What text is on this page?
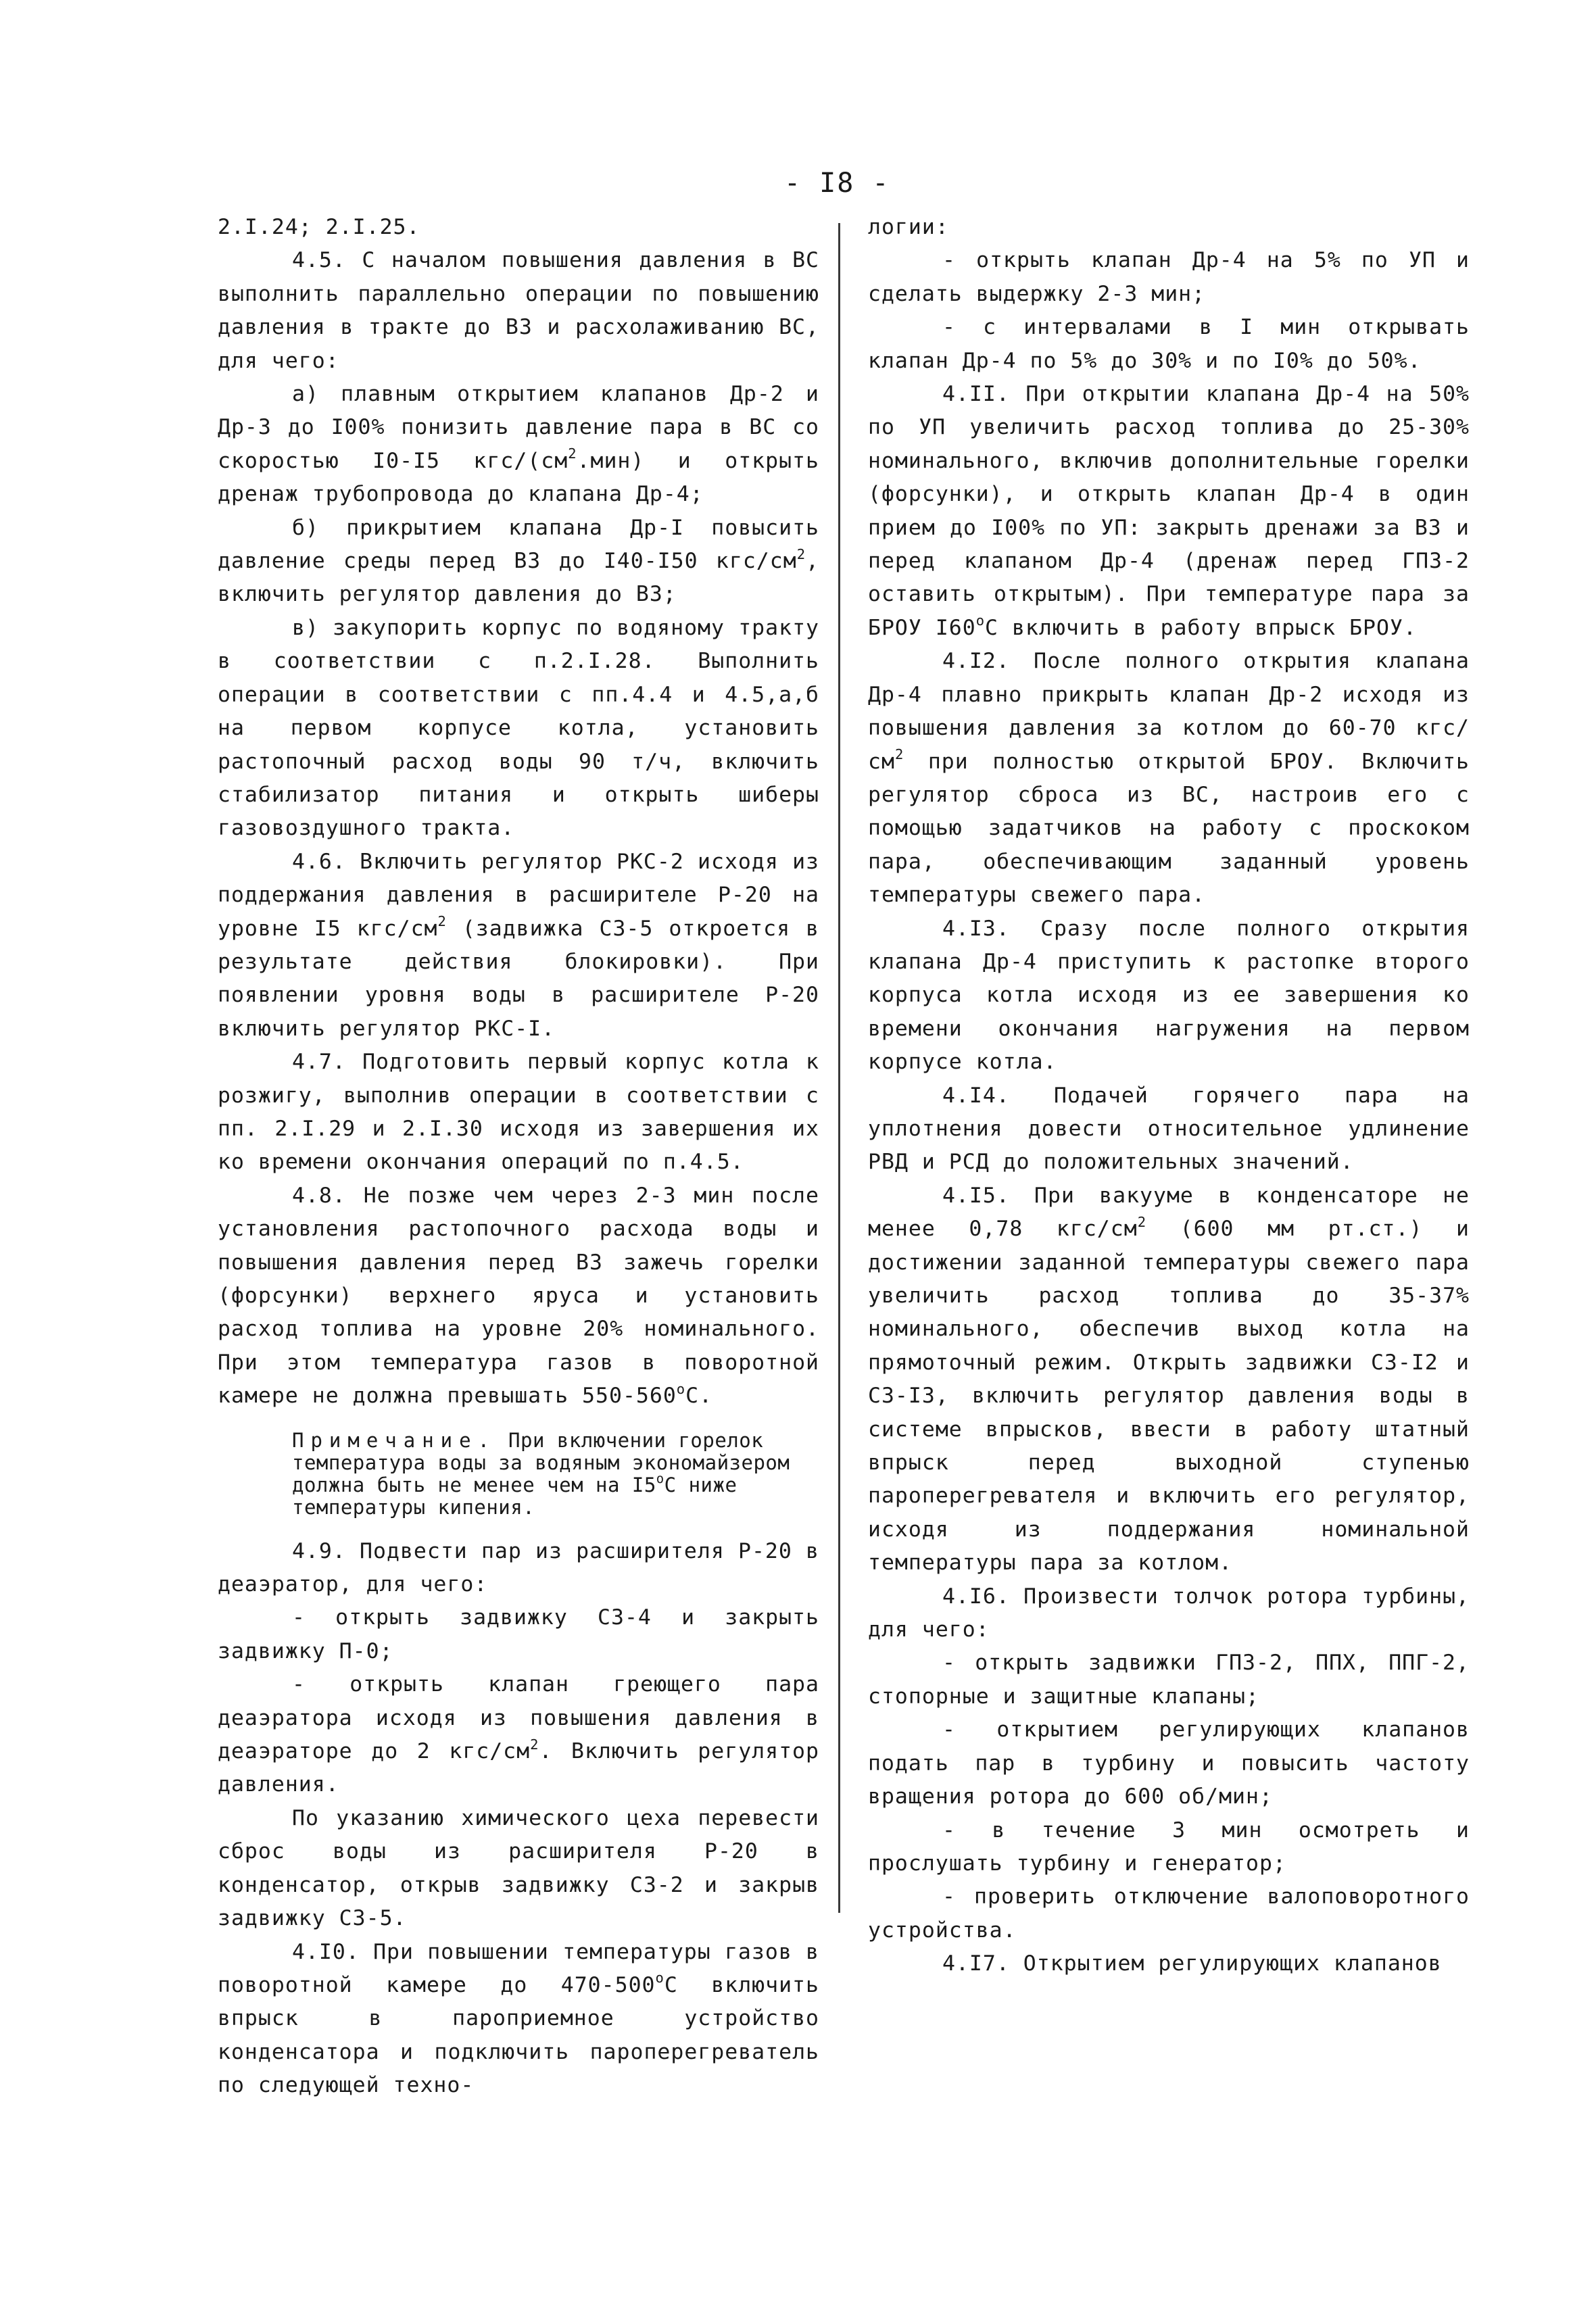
- I8 -

2.I.24; 2.I.25.

4.5. С началом повышения давления в ВС выполнить параллельно операции по повышению давления в тракте до ВЗ и расхолаживанию ВС, для чего:

а) плавным открытием клапанов Др-2 и Др-3 до I00% понизить давление пара в ВС со скоростью I0-I5 кгс/$(см^2.мин)$ и открыть дренаж трубопровода до клапана Др-4;

б) прикрытием клапана Др-I повысить давление среды перед ВЗ до I40-I50 кгс/$см^2$, включить регулятор давления до ВЗ;

в) закупорить корпус по водяному тракту в соответствии с п.2.I.28. Выполнить операции в соответствии с пп.4.4 и 4.5,а,б на первом корпусе котла, установить растопочный расход воды 90 т/ч, включить стабилизатор питания и открыть шиберы газовоздушного тракта.

4.6. Включить регулятор РКС-2 исходя из поддержания давления в расширителе Р-20 на уровне I5 кгс/$см^2$ (задвижка СЗ-5 откроется в результате действия блокировки). При появлении уровня воды в расширителе Р-20 включить регулятор РКС-I.

4.7. Подготовить первый корпус котла к розжигу, выполнив операции в соответствии с пп. 2.I.29 и 2.I.30 исходя из завершения их ко времени окончания операций по п.4.5.

4.8. Не позже чем через 2-3 мин после установления растопочного расхода воды и повышения давления перед ВЗ зажечь горелки (форсунки) верхнего яруса и установить расход топлива на уровне 20% номинального. При этом температура газов в поворотной камере не должна превышать $550-560^оС$.

Примечание. При включении горелок температура воды за водяным экономайзером должна быть не менее чем на $I5^оС$ ниже температуры кипения.

4.9. Подвести пар из расширителя Р-20 в деаэратор, для чего:

- открыть задвижку СЗ-4 и закрыть задвижку П-0;

- открыть клапан греющего пара деаэратора исходя из повышения давления в деаэраторе до 2 кгс/$см^2$. Включить регулятор давления.

По указанию химического цеха перевести сброс воды из расширителя Р-20 в конденсатор, открыв задвижку СЗ-2 и закрыв задвижку СЗ-5.

4.I0. При повышении температуры газов в поворотной камере до $470-500^оС$ включить впрыск в пароприемное устройство конденсатора и подключить пароперегреватель по следующей техно-

логии:

- открыть клапан Др-4 на 5% по УП и сделать выдержку 2-3 мин;

- с интервалами в I мин открывать клапан Др-4 по 5% до 30% и по I0% до 50%.

4.II. При открытии клапана Др-4 на 50% по УП увеличить расход топлива до 25-30% номинального, включив дополнительные горелки (форсунки), и открыть клапан Др-4 в один прием до I00% по УП: закрыть дренажи за ВЗ и перед клапаном Др-4 (дренаж перед ГПЗ-2 оставить открытым). При температуре пара за БРОУ $I60^оС$ включить в работу впрыск БРОУ.

4.I2. После полного открытия клапана Др-4 плавно прикрыть клапан Др-2 исходя из повышения давления за котлом до 60-70 кгс/$см^2$ при полностью открытой БРОУ. Включить регулятор сброса из ВС, настроив его с помощью задатчиков на работу с проскоком пара, обеспечивающим заданный уровень температуры свежего пара.

4.I3. Сразу после полного открытия клапана Др-4 приступить к растопке второго корпуса котла исходя из ее завершения ко времени окончания нагружения на первом корпусе котла.

4.I4. Подачей горячего пара на уплотнения довести относительное удлинение РВД и РСД до положительных значений.

4.I5. При вакууме в конденсаторе не менее 0,78 кгс/$см^2$ (600 мм рт.ст.) и достижении заданной температуры свежего пара увеличить расход топлива до 35-37% номинального, обеспечив выход котла на прямоточный режим. Открыть задвижки СЗ-I2 и СЗ-I3, включить регулятор давления воды в системе впрысков, ввести в работу штатный впрыск перед выходной ступенью пароперегревателя и включить его регулятор, исходя из поддержания номинальной температуры пара за котлом.

4.I6. Произвести толчок ротора турбины, для чего:

- открыть задвижки ГПЗ-2, ППХ, ППГ-2, стопорные и защитные клапаны;

- открытием регулирующих клапанов подать пар в турбину и повысить частоту вращения ротора до 600 об/мин;

- в течение 3 мин осмотреть и прослушать турбину и генератор;

- проверить отключение валоповоротного устройства.

4.I7. Открытием регулирующих клапанов
